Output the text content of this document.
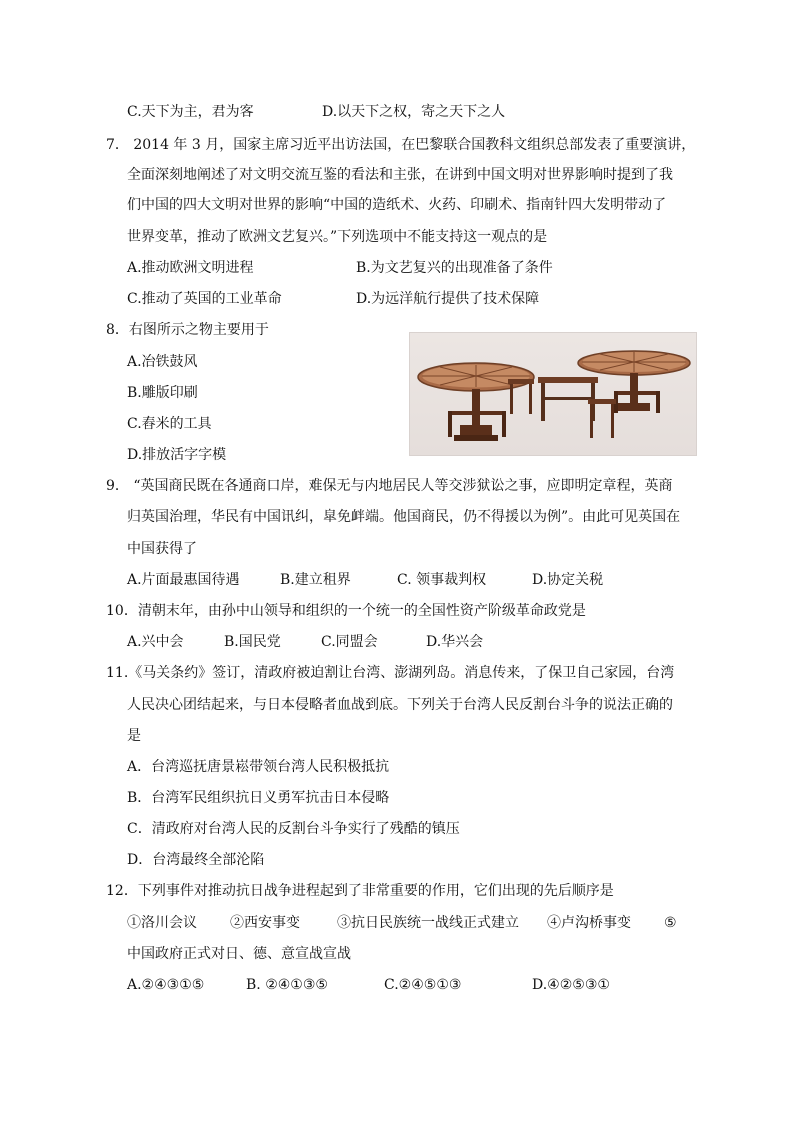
C.天下为主，君为客	D.以天下之权，寄之天下之人
7． 2014 年 3 月，国家主席习近平出访法国，在巴黎联合国教科文组织总部发表了重要演讲，
全面深刻地阐述了对文明交流互鉴的看法和主张，在讲到中国文明对世界影响时提到了我
们中国的四大文明对世界的影响“中国的造纸术、火药、印刷术、指南针四大发明带动了
世界变革，推动了欧洲文艺复兴。”下列选项中不能支持这一观点的是
A.推动欧洲文明进程	B.为文艺复兴的出现准备了条件
C.推动了英国的工业革命	D.为远洋航行提供了技术保障
8．右图所示之物主要用于
A.冶铁鼓风
B.雕版印刷
C.舂米的工具
D.排放活字字模
9． “英国商民既在各通商口岸，难保无与内地居民人等交涉狱讼之事，应即明定章程，英商
归英国治理，华民有中国讯纠，皐免衅端。他国商民，仍不得援以为例”。由此可见英国在
中国获得了
A.片面最惠国待遇	B.建立租界	C. 领事裁判权	D.协定关税
10．清朝末年，由孙中山领导和组织的一个统一的全国性资产阶级革命政党是
A.兴中会	B.国民党	C.同盟会	D.华兴会
11.《马关条约》签订，清政府被迫割让台湾、澎湖列岛。消息传来，了保卫自己家园，台湾
人民决心团结起来，与日本侵略者血战到底。下列关于台湾人民反割台斗争的说法正确的
是
A．台湾巡抚唐景崧带领台湾人民积极抵抗
B．台湾军民组织抗日义勇军抗击日本侵略
C．清政府对台湾人民的反割台斗争实行了残酷的镇压
D．台湾最终全部沦陷
12．下列事件对推动抗日战争进程起到了非常重要的作用，它们出现的先后顺序是
①洛川会议 ②西安事变	③抗日民族统一战线正式建立 ④卢沟桥事变 ⑤
中国政府正式对日、德、意宣战宣战
A.②④③①⑤	B. ②④①③⑤	C.②④⑤①③	D.④②⑤③①
